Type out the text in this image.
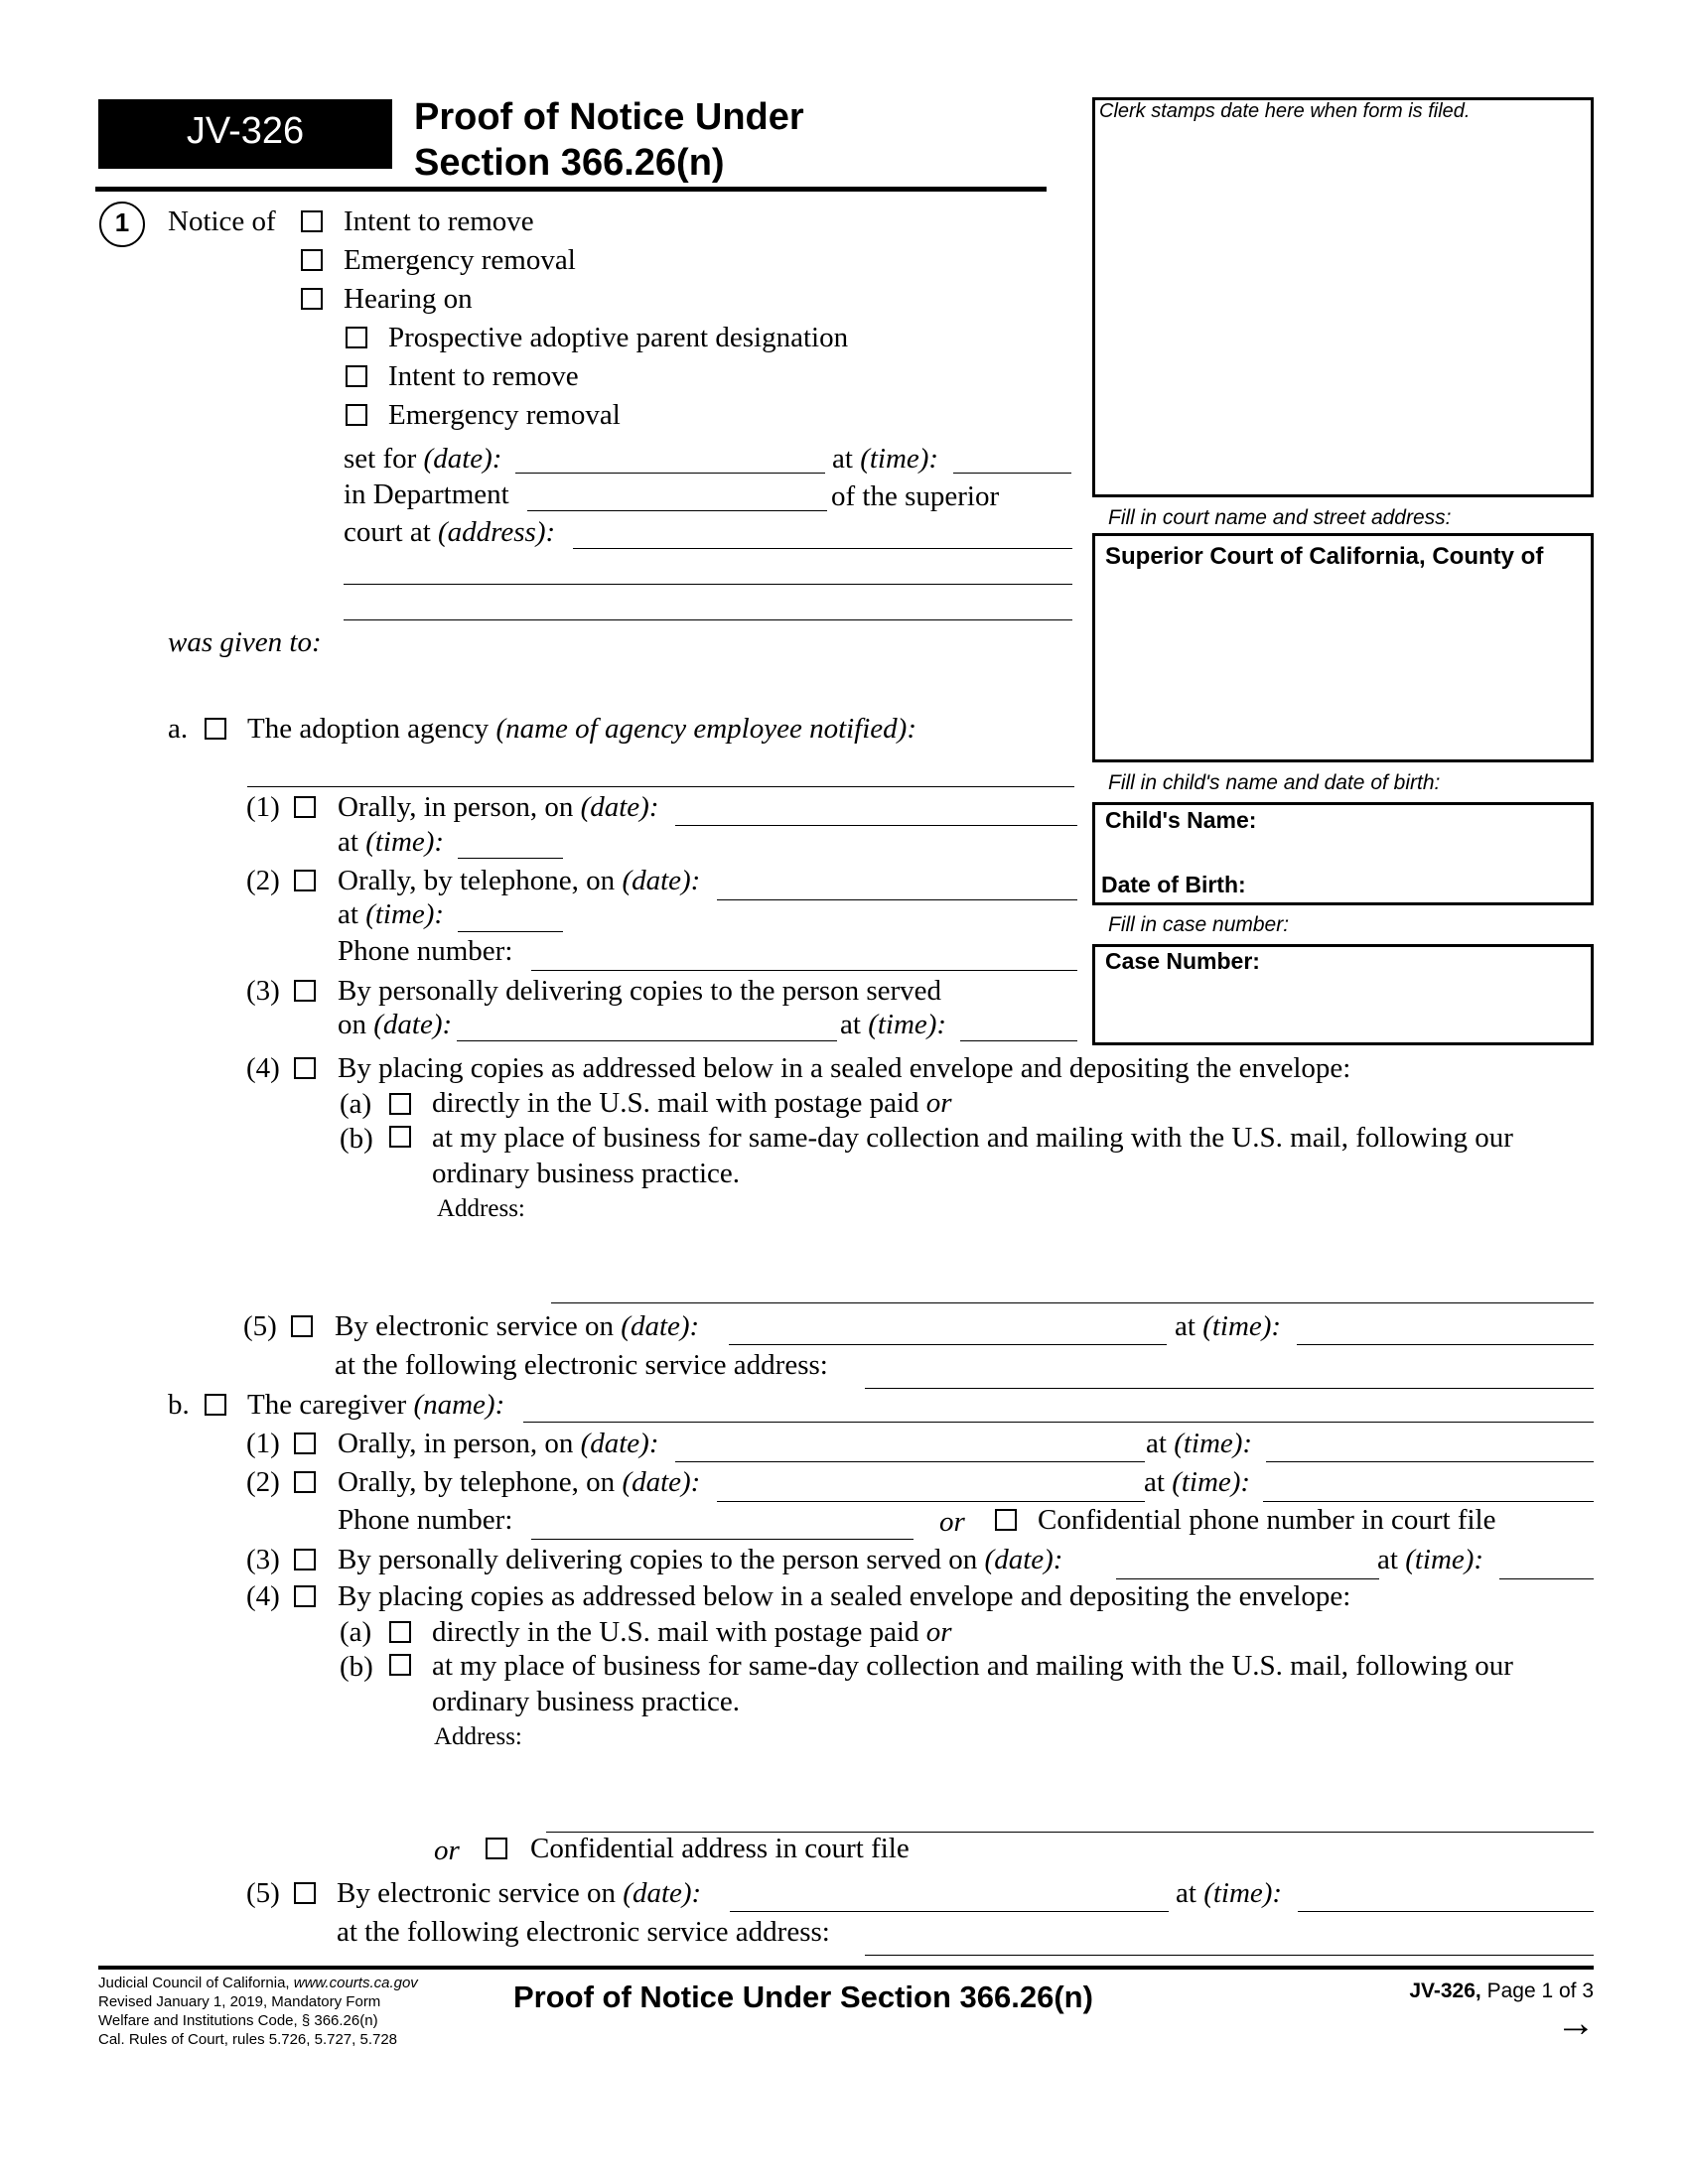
JV-326	Proof of Notice Under
Section 366.26(n)
Clerk stamps date here when form is filed.
Fill in court name and street address:
Superior Court of California, County of
Fill in child's name and date of birth:
Child's Name:
Date of Birth:
Fill in case number:
Case Number:
1	Notice of Intent to remove
Emergency removal
Hearing on
Prospective adoptive parent designation
Intent to remove
Emergency removal
set for (date):	at (time):
in Department	of the superior
court at (address):
was given to:
a. The adoption agency (name of agency employee notified):
(1) Orally, in person, on (date):
at (time):
(2) Orally, by telephone, on (date):
at (time):
Phone number:
(3) By personally delivering copies to the person served
on (date):	at (time):
(4) By placing copies as addressed below in a sealed envelope and depositing the envelope:
(a) directly in the U.S. mail with postage paid or
(b) at my place of business for same-day collection and mailing with the U.S. mail, following our
ordinary business practice.
Address:
(5) By electronic service on (date):	at (time):
at the following electronic service address:
b. The caregiver (name):
(1) Orally, in person, on (date):	at (time):
(2) Orally, by telephone, on (date):	at (time):
Phone number:	or	Confidential phone number in court file
(3) By personally delivering copies to the person served on (date):	at (time):
(4) By placing copies as addressed below in a sealed envelope and depositing the envelope:
(a) directly in the U.S. mail with postage paid or
(b) at my place of business for same-day collection and mailing with the U.S. mail, following our
ordinary business practice.
Address:
or Confidential address in court file
(5) By electronic service on (date):	at (time):
at the following electronic service address:
Judicial Council of California, www.courts.ca.gov
Revised January 1, 2019, Mandatory Form
Welfare and Institutions Code, § 366.26(n)
Cal. Rules of Court, rules 5.726, 5.727, 5.728
Proof of Notice Under Section 366.26(n)	JV-326, Page 1 of 3
→
